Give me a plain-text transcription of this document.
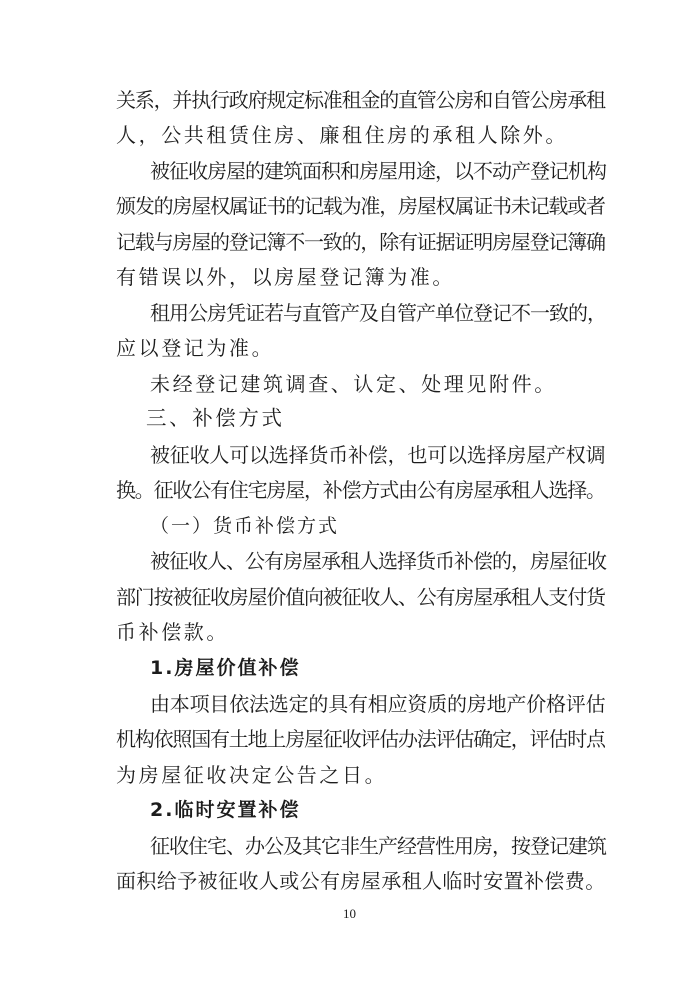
关系，并执行政府规定标准租金的直管公房和自管公房承租
人，公共租赁住房、廉租住房的承租人除外。
被征收房屋的建筑面积和房屋用途，以不动产登记机构
颁发的房屋权属证书的记载为准，房屋权属证书未记载或者
记载与房屋的登记簿不一致的，除有证据证明房屋登记簿确
有错误以外，以房屋登记簿为准。
租用公房凭证若与直管产及自管产单位登记不一致的，
应以登记为准。
未经登记建筑调查、认定、处理见附件。
三、补偿方式
被征收人可以选择货币补偿，也可以选择房屋产权调
换。征收公有住宅房屋，补偿方式由公有房屋承租人选择。
（一）货币补偿方式
被征收人、公有房屋承租人选择货币补偿的，房屋征收
部门按被征收房屋价值向被征收人、公有房屋承租人支付货
币补偿款。
1.房屋价值补偿
由本项目依法选定的具有相应资质的房地产价格评估
机构依照国有土地上房屋征收评估办法评估确定，评估时点
为房屋征收决定公告之日。
2.临时安置补偿
征收住宅、办公及其它非生产经营性用房，按登记建筑
面积给予被征收人或公有房屋承租人临时安置补偿费。
10
